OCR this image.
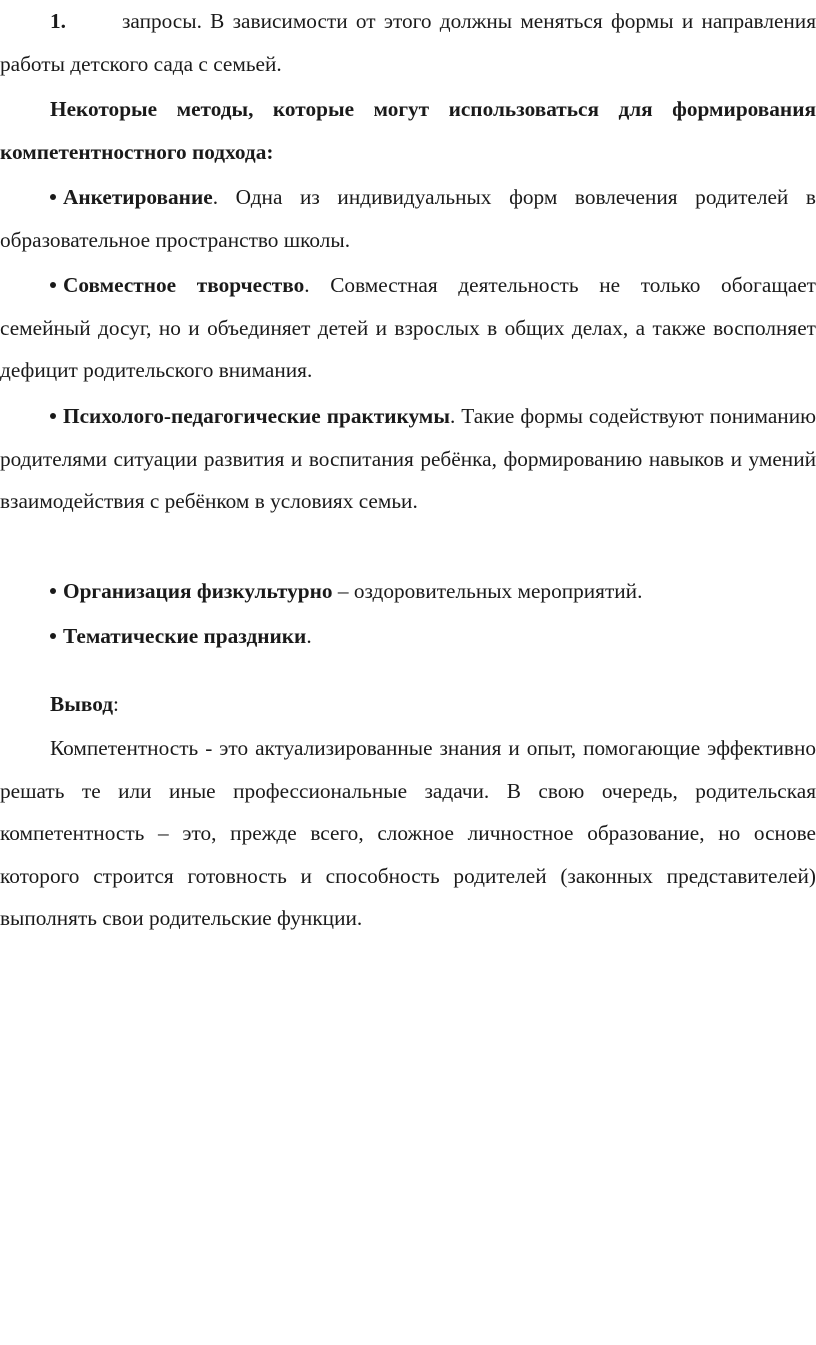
1.	запросы. В зависимости от этого должны меняться формы и направления работы детского сада с семьей.

Некоторые методы, которые могут использоваться для формирования компетентностного подхода:

Анкетирование. Одна из индивидуальных форм вовлечения родителей в образовательное пространство школы.

Совместное творчество. Совместная деятельность не только обогащает семейный досуг, но и объединяет детей и взрослых в общих делах, а также восполняет дефицит родительского внимания.

Психолого-педагогические практикумы. Такие формы содействуют пониманию родителями ситуации развития и воспитания ребёнка, формированию навыков и умений взаимодействия с ребёнком в условиях семьи.

Организация физкультурно – оздоровительных мероприятий.

Тематические праздники.

Вывод:

Компетентность - это актуализированные знания и опыт, помогающие эффективно решать те или иные профессиональные задачи. В свою очередь, родительская компетентность – это, прежде всего, сложное личностное образование, но основе которого строится готовность и способность родителей (законных представителей) выполнять свои родительские функции.
